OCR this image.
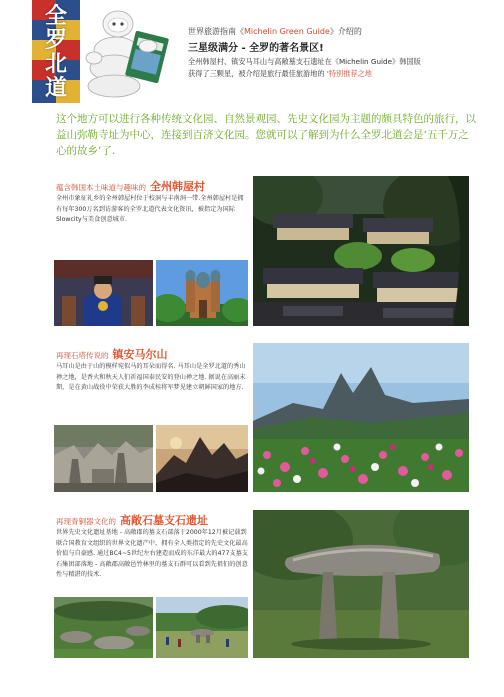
全
罗
北
道
世界旅游指南《Michelin Green Guide》介绍的
三星级满分 - 全罗的著名景区!
全州韩屋村、镇安马耳山与高敞墓支石遗址在《Michelin Guide》韩国版
获得了三颗星，被介绍是旅行最佳旅游地的 '特别推荐之地
这个地方可以进行各种传统文化园、自然景观园、先史文化园为主题的颇具特色的旅行，以益山弥勒寺址为中心，连接到百济文化园。您就可以了解到为什么全罗北道会是‘五千万之心的故乡’了.
蕴含韩国本土味道与趣味的 全州韩屋村
全州市象征礼乡的全州韩屋村位于校洞与丰南洞一带.全州韩屋村是拥有每年300万名到访游客的全罗北道代表文化资讯，被指定为国际Slowcity与美食创意城市.
再现石塔传说的 镇安马尔山
马耳山是由于山的模样宛似马的耳朵而得名. 马耳山是全罗北道的秀山禅之地，是香火和秋天人们祈福国泰民安的登山禅之地. 据说在高丽末期，是在黄山战役中荣获大胜的李成桂将军梦见建立朝鲜国家的地方.
再现青铜器文化的 高敞石墓支石遗址
世界先史文化遗址基地 - 高敞郡的墓支石部落于2000年12月被记载到联合国教育文组织的世界文化遗产中，拥有全人类指定的先史文化最高价值与自豪感. 通过BC4~5世纪左右建造而成的东洋最大的477支墓支石集团部落地 - 高敞郡高敞邑竹林里的墓支石群可以看到先祖们的创意性与精湛的技术.
